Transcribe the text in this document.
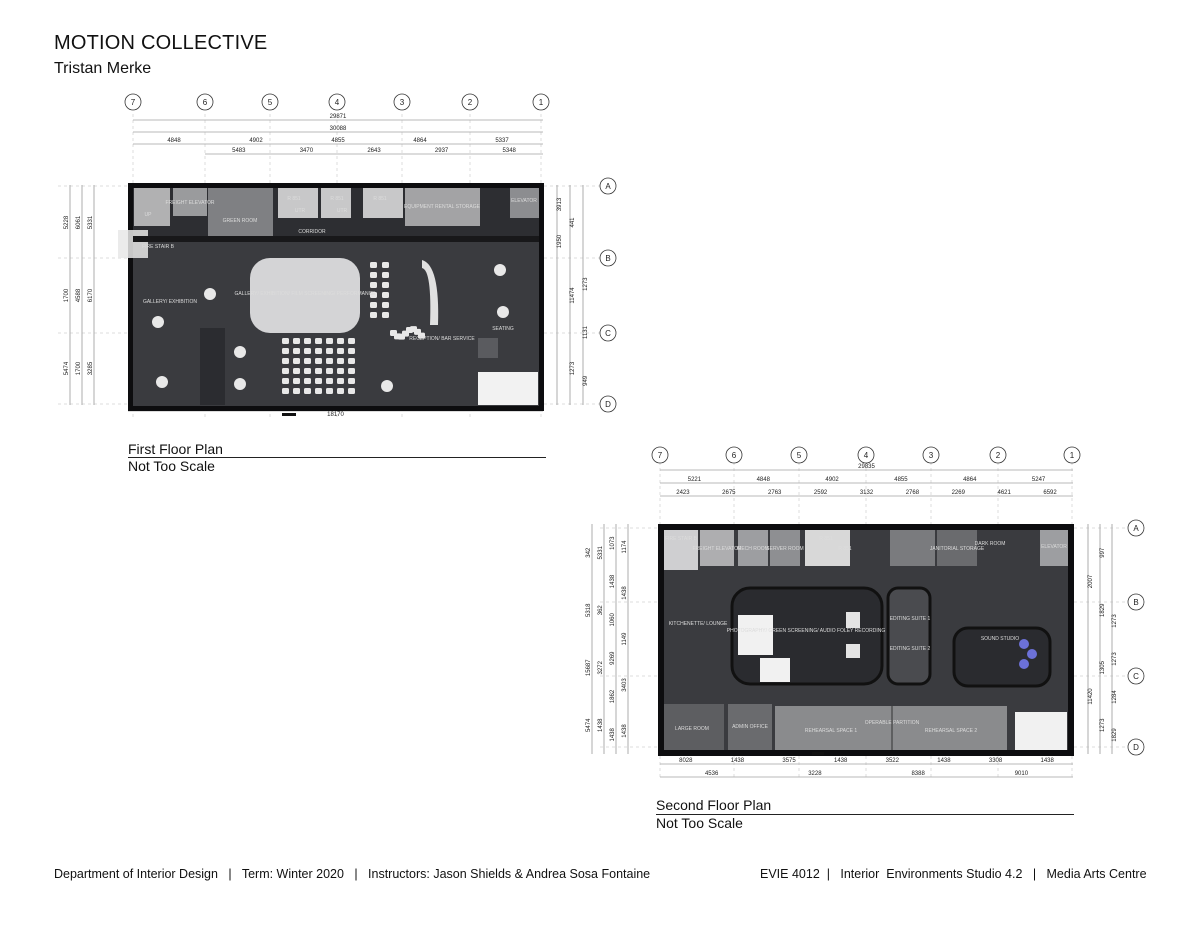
MOTION COLLECTIVE
Tristan Merke
7	6	5	4	3	2	1
29871
30088
4848	4902	4855	4864	5337
5483	3470	2643	2937	5348
18170
5228
1700
5474
6061
4588
1700
5331
6170
3285
3913
1950
441
11474
1273
1273
1131
949
UP
FREIGHT ELEVATOR
GREEN ROOM
R 851
UTR
R 851
UTR
R 851
EQUIPMENT RENTAL STORAGE
ELEVATOR
FIRE STAIR B
CORRIDOR
GALLERY/ EXHIBITION
GALLERY/ EXHIBITION/ FILM SCREENING/ PERFORMANCE
RECEPTION/ BAR SERVICE
SEATING
A
B
C
D
First Floor Plan
Not Too Scale	29835
5221	4848	4902	4855	4864	5247
2423	2675	2763	2592	3132	2768	2269	4621	6592
8028	1438	3575	1438	3522	1438	3308	1438
4536	3228	8388	9010
342
5318
15687
5474
5331
362
3272
1438
1073
1438
1060
9269
1862
1438
1174
1438
1149
3403
1438
2007
11420
997
1829
1305
1273
1273
1273
1284
1829
FIRE STAIR B
FREIGHT ELEVATOR
MECH ROOM
SERVER ROOM
R 851
R 851	JANITORIAL STORAGE
DARK ROOM	ELEVATOR
KITCHENETTE/ LOUNGE
PHOTOGRAPHY/ GREEN SCREENING/ AUDIO FOLEY RECORDING
EDITING SUITE 1
EDITING SUITE 2
SOUND STUDIO
ADMIN OFFICE
REHEARSAL SPACE 1
OPERABLE PARTITION
REHEARSAL SPACE 2
LARGE ROOM
7	6	5	4	3	2	1
A
B
C
D
Second Floor Plan
Not Too Scale
Department of Interior Design   |   Term: Winter 2020   |   Instructors: Jason Shields & Andrea Sosa Fontaine	EVIE 4012  |   Interior  Environments Studio 4.2   |   Media Arts Centre
